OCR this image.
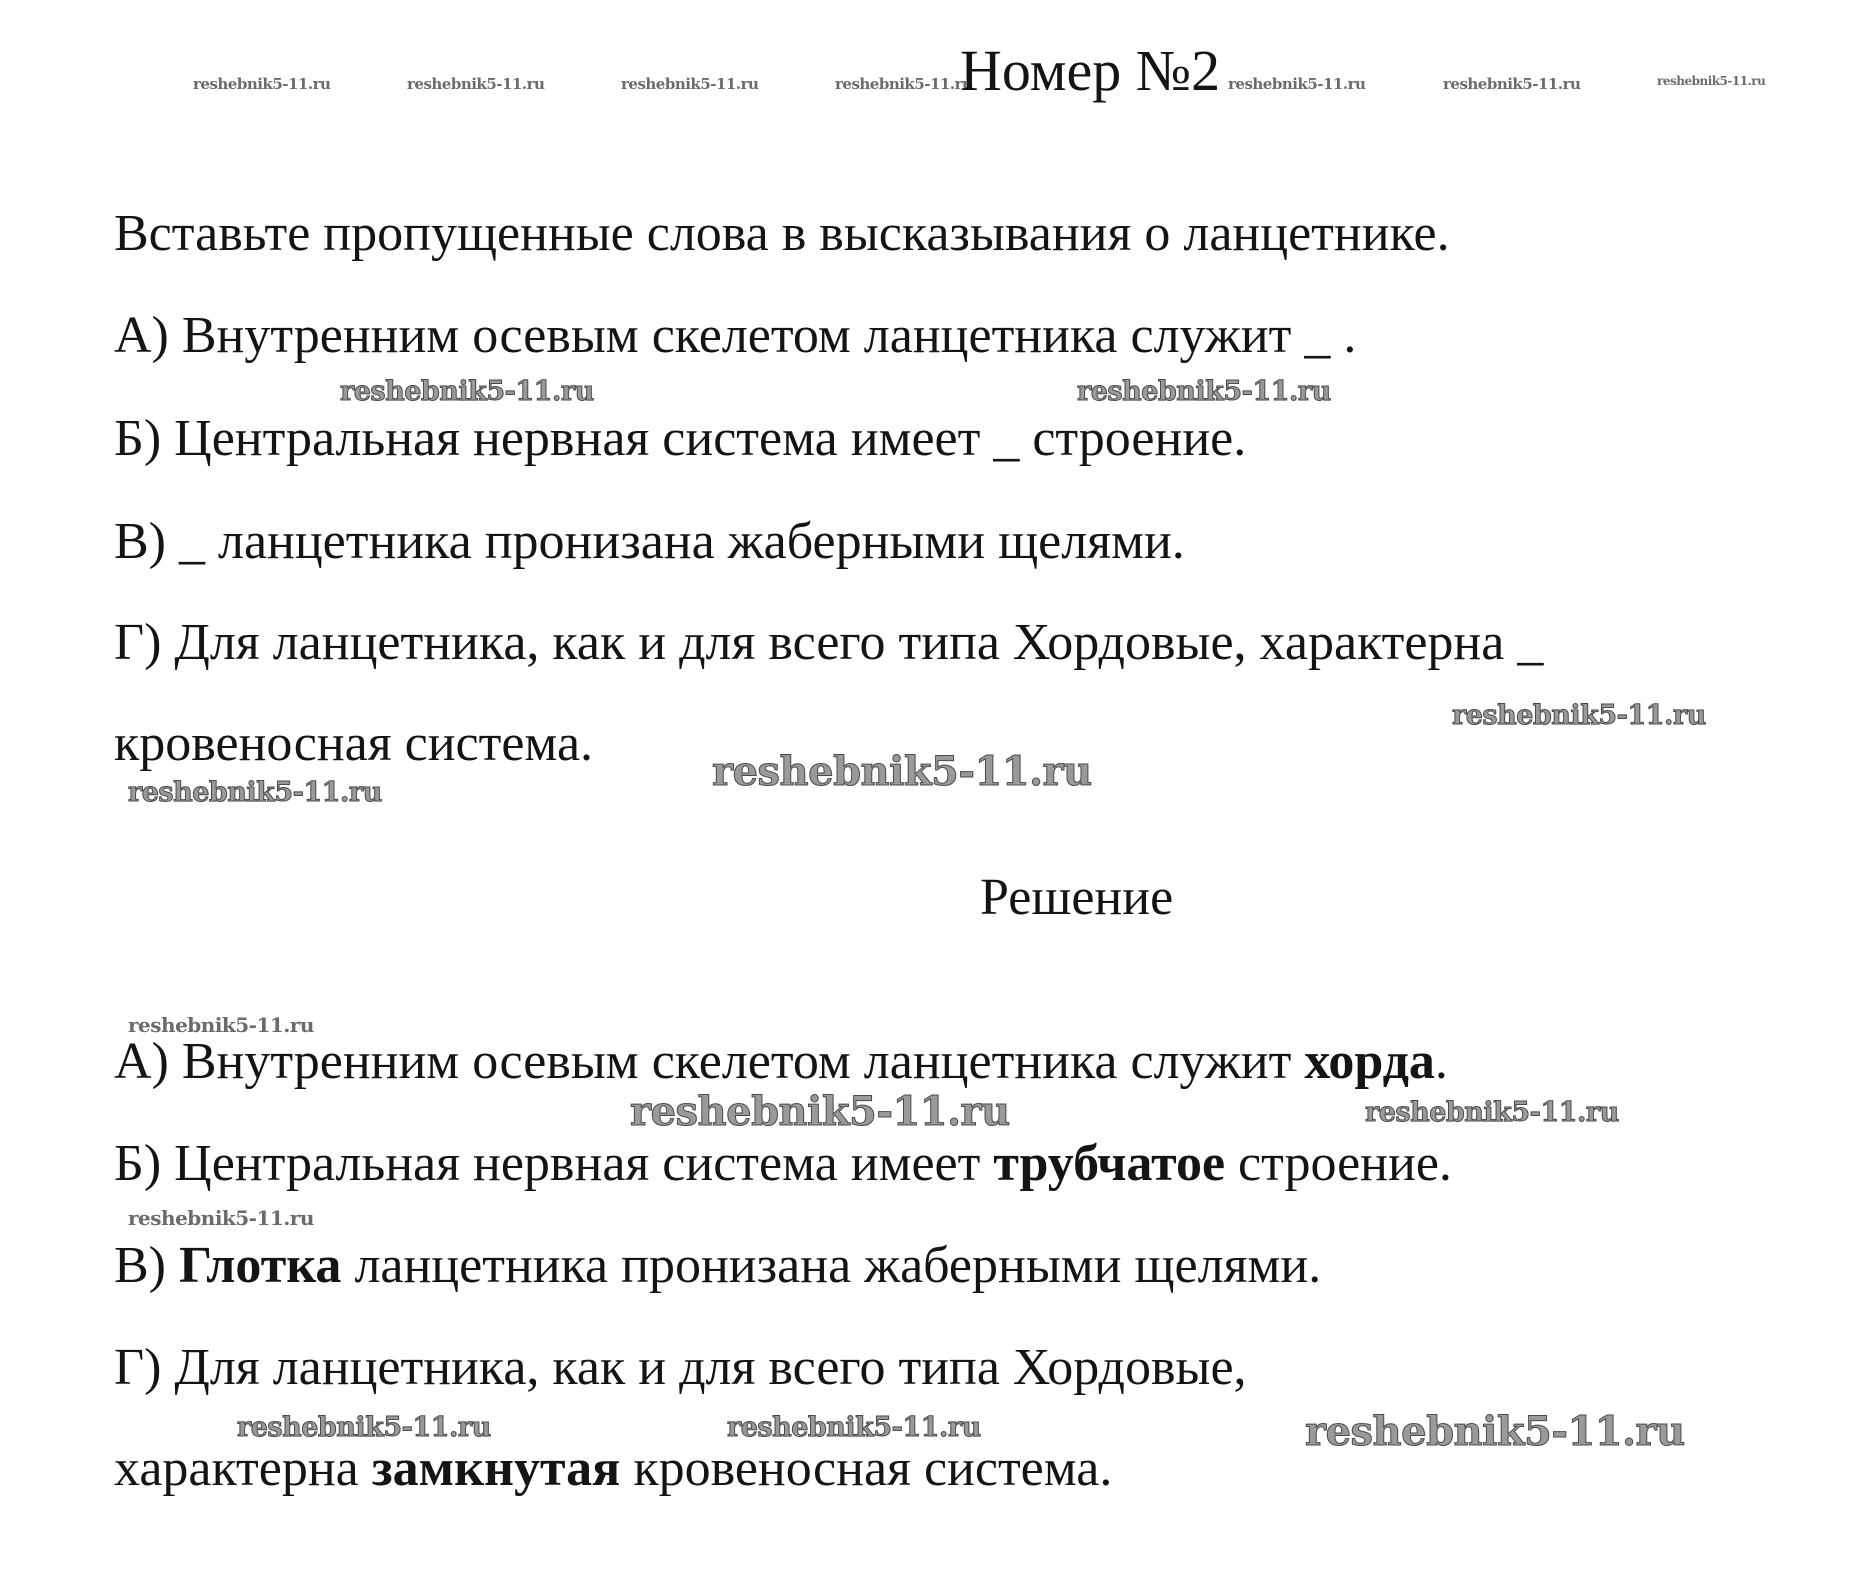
reshebnik5-11.ru	reshebnik5-11.ru	reshebnik5-11.ru	reshebnik5-11.ru	reshebnik5-11.ru	reshebnik5-11.ru	reshebnik5-11.ru
Номер №2
Вставьте пропущенные слова в высказывания о ланцетнике.
А) Внутренним осевым скелетом ланцетника служит _ .
reshebnik5-11.ru	reshebnik5-11.ru
Б) Центральная нервная система имеет _ строение.
В) _ ланцетника пронизана жаберными щелями.
Г) Для ланцетника, как и для всего типа Хордовые, характерна _
reshebnik5-11.ru
кровеносная система.
reshebnik5-11.ru	reshebnik5-11.ru
Решение
reshebnik5-11.ru
А) Внутренним осевым скелетом ланцетника служит хорда.
reshebnik5-11.ru	reshebnik5-11.ru
Б) Центральная нервная система имеет трубчатое строение.
reshebnik5-11.ru
В) Глотка ланцетника пронизана жаберными щелями.
Г) Для ланцетника, как и для всего типа Хордовые,
reshebnik5-11.ru	reshebnik5-11.ru	reshebnik5-11.ru
характерна замкнутая кровеносная система.
